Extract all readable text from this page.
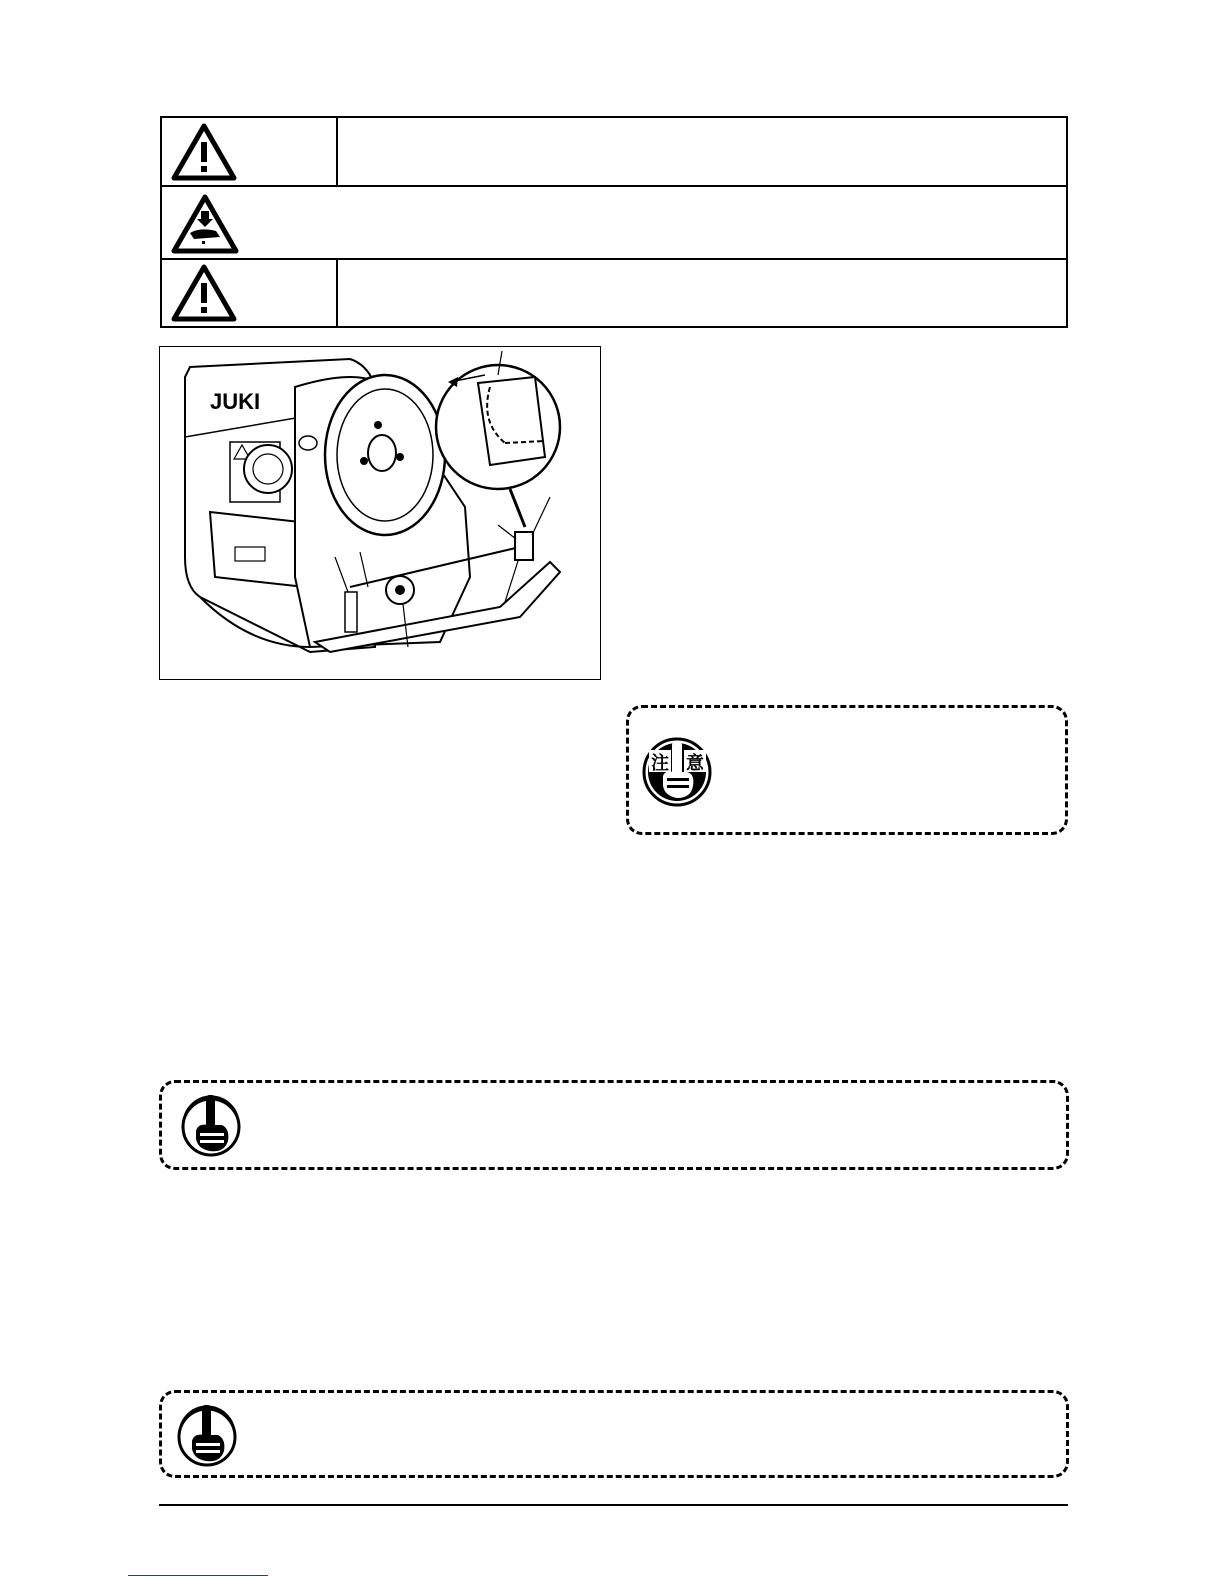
JUKI
注 意
